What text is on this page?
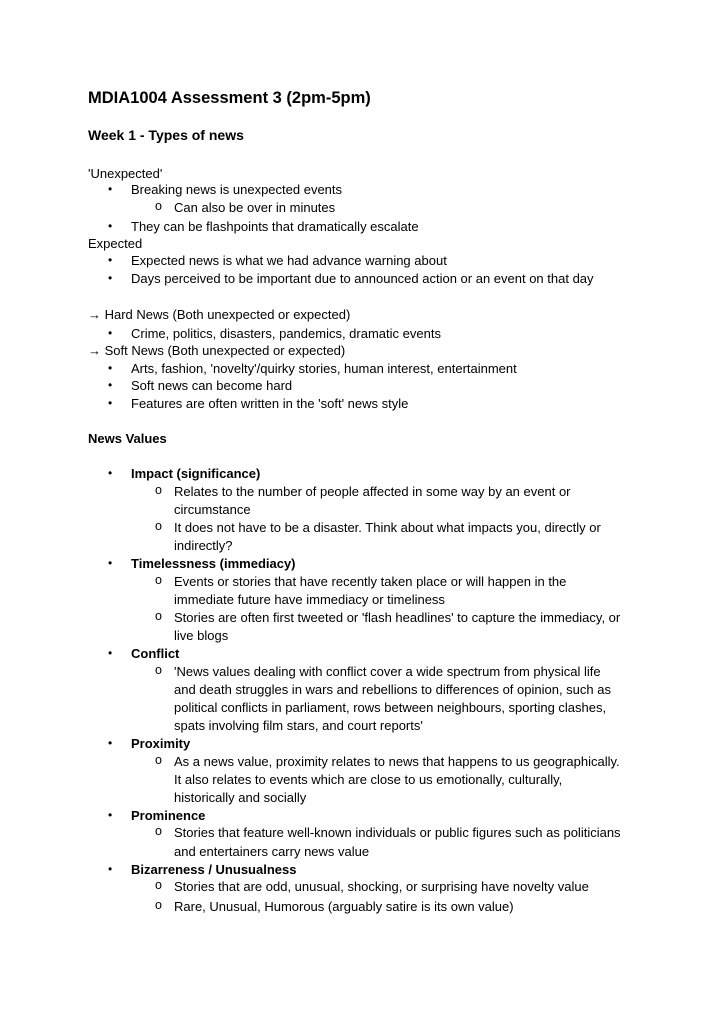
MDIA1004 Assessment 3 (2pm-5pm)
Week 1 - Types of news
'Unexpected'
• Breaking news is unexpected events
o Can also be over in minutes
• They can be flashpoints that dramatically escalate
Expected
• Expected news is what we had advance warning about
• Days perceived to be important due to announced action or an event on that day
→ Hard News (Both unexpected or expected)
• Crime, politics, disasters, pandemics, dramatic events
→ Soft News (Both unexpected or expected)
• Arts, fashion, 'novelty'/quirky stories, human interest, entertainment
• Soft news can become hard
• Features are often written in the 'soft' news style
News Values
• Impact (significance)
o Relates to the number of people affected in some way by an event or
circumstance
o It does not have to be a disaster. Think about what impacts you, directly or
indirectly?
• Timelessness (immediacy)
o Events or stories that have recently taken place or will happen in the
immediate future have immediacy or timeliness
o Stories are often first tweeted or 'flash headlines' to capture the immediacy, or
live blogs
• Conflict
o 'News values dealing with conflict cover a wide spectrum from physical life
and death struggles in wars and rebellions to differences of opinion, such as
political conflicts in parliament, rows between neighbours, sporting clashes,
spats involving film stars, and court reports'
• Proximity
o As a news value, proximity relates to news that happens to us geographically.
It also relates to events which are close to us emotionally, culturally,
historically and socially
• Prominence
o Stories that feature well-known individuals or public figures such as politicians
and entertainers carry news value
• Bizarreness / Unusualness
o Stories that are odd, unusual, shocking, or surprising have novelty value
o Rare, Unusual, Humorous (arguably satire is its own value)
